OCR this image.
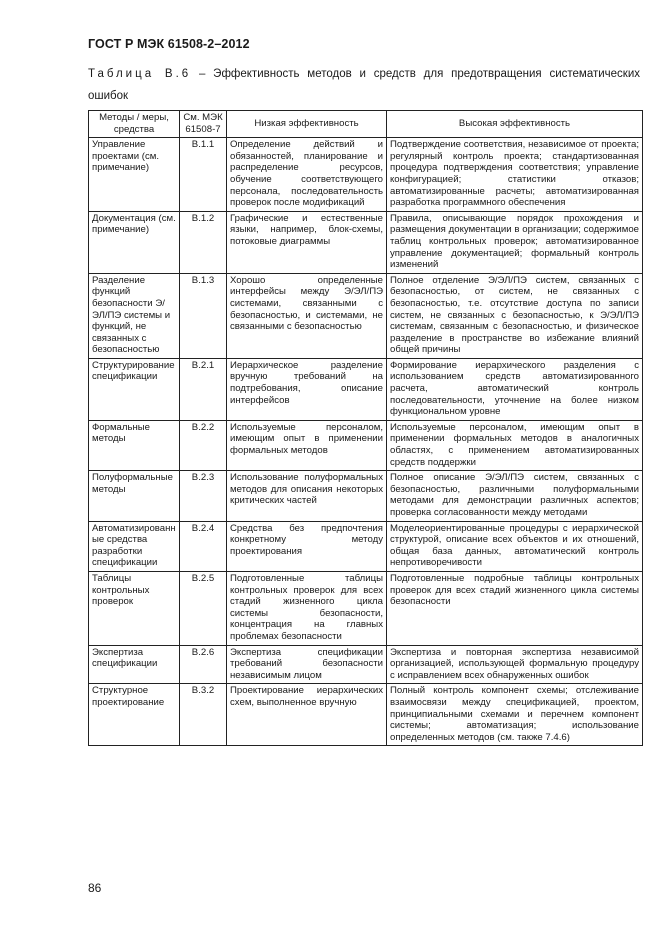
ГОСТ Р МЭК 61508-2–2012
Таблица В.6 – Эффективность методов и средств для предотвращения систематических ошибок
Методы / меры, средства	См. МЭК 61508-7	Низкая эффективность	Высокая эффективность
Управление проектами (см. примечание)	B.1.1	Определение действий и обязанностей, планирование и распределение ресурсов, обучение соответствующего персонала, последовательность проверок после модификаций	Подтверждение соответствия, независимое от проекта; регулярный контроль проекта; стандартизованная процедура подтверждения соответствия; управление конфигурацией; статистики отказов; автоматизированные расчеты; автоматизированная разработка программного обеспечения
Документация (см. примечание)	B.1.2	Графические и естественные языки, например, блок-схемы, потоковые диаграммы	Правила, описывающие порядок прохождения и размещения документации в организации; содержимое таблиц контрольных проверок; автоматизированное управление документацией; формальный контроль изменений
Разделение функций безопасности Э/ЭЛ/ПЭ системы и функций, не связанных с безопасностью	B.1.3	Хорошо определенные интерфейсы между Э/ЭЛ/ПЭ системами, связанными с безопасностью, и системами, не связанными с безопасностью	Полное отделение Э/ЭЛ/ПЭ систем, связанных с безопасностью, от систем, не связанных с безопасностью, т.е. отсутствие доступа по записи систем, не связанных с безопасностью, к Э/ЭЛ/ПЭ системам, связанным с безопасностью, и физическое разделение в пространстве во избежание влияний общей причины
Структурирование спецификации	B.2.1	Иерархическое разделение вручную требований на подтребования, описание интерфейсов	Формирование иерархического разделения с использованием средств автоматизированного расчета, автоматический контроль последовательности, уточнение на более низком функциональном уровне
Формальные методы	B.2.2	Используемые персоналом, имеющим опыт в применении формальных методов	Используемые персоналом, имеющим опыт в применении формальных методов в аналогичных областях, с применением автоматизированных средств поддержки
Полуформальные методы	B.2.3	Использование полуформальных методов для описания некоторых критических частей	Полное описание Э/ЭЛ/ПЭ систем, связанных с безопасностью, различными полуформальными методами для демонстрации различных аспектов; проверка согласованности между методами
Автоматизированные средства разработки спецификации	B.2.4	Средства без предпочтения конкретному методу проектирования	Моделеориентированные процедуры с иерархической структурой, описание всех объектов и их отношений, общая база данных, автоматический контроль непротиворечивости
Таблицы контрольных проверок	B.2.5	Подготовленные таблицы контрольных проверок для всех стадий жизненного цикла системы безопасности, концентрация на главных проблемах безопасности	Подготовленные подробные таблицы контрольных проверок для всех стадий жизненного цикла системы безопасности
Экспертиза спецификации	B.2.6	Экспертиза спецификации требований безопасности независимым лицом	Экспертиза и повторная экспертиза независимой организацией, использующей формальную процедуру с исправлением всех обнаруженных ошибок
Структурное проектирование	B.3.2	Проектирование иерархических схем, выполненное вручную	Полный контроль компонент схемы; отслеживание взаимосвязи между спецификацией, проектом, принципиальными схемами и перечнем компонент системы; автоматизация; использование определенных методов (см. также 7.4.6)
86
